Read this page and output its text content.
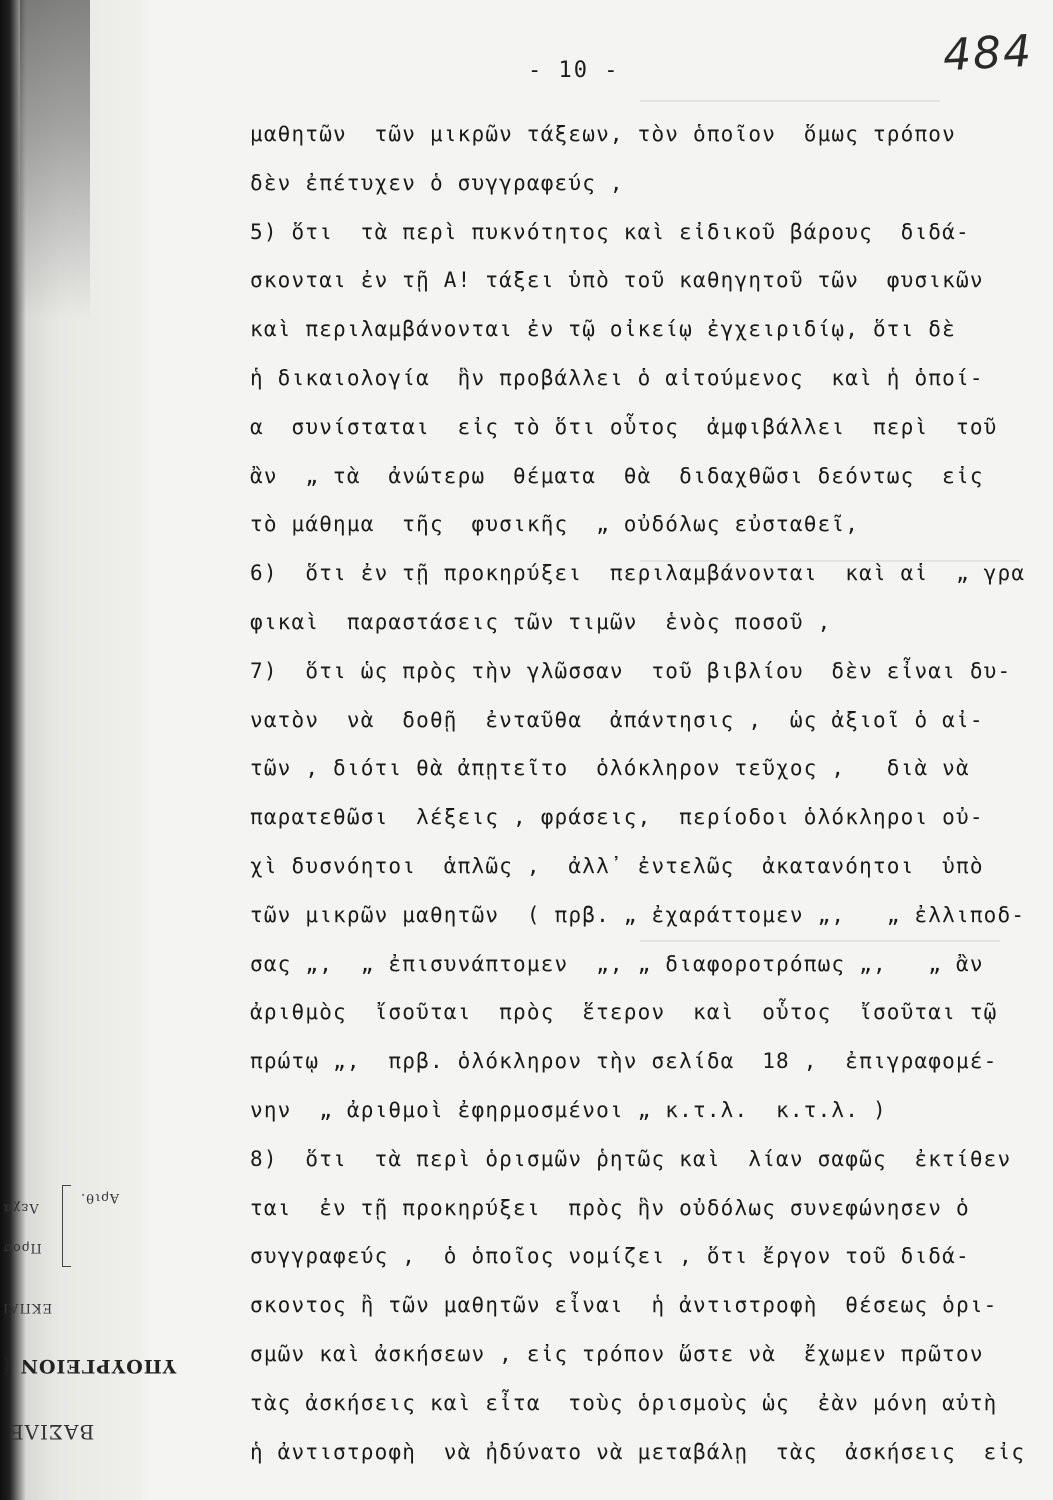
ΒΑΣΙΛΕ
ΥΠΟΥΡΓΕΙΟΝ (
ΕΚΠΑΙ
Προσ
Λεχα
Αριθ.
- 10 -	484
μαθητῶν  τῶν μικρῶν τάξεων, τὸν ὁποῖον  ὅμως τρόπον
δὲν ἐπέτυχεν ὁ συγγραφεύς ,
5) ὅτι  τὰ περὶ πυκνότητος καὶ εἰδικοῦ βάρους  διδά-
σκονται ἐν τῇ Α! τάξει ὑπὸ τοῦ καθηγητοῦ τῶν  φυσικῶν
καὶ περιλαμβάνονται ἐν τῷ οἰκείῳ ἐγχειριδίῳ, ὅτι δὲ
ἡ δικαιολογία  ἣν προβάλλει ὁ αἰτούμενος  καὶ ἡ ὁποί-
α  συνίσταται  εἰς τὸ ὅτι οὗτος  ἀμφιβάλλει  περὶ  τοῦ
ἂν  „ τὰ  ἀνώτερω  θέματα  θὰ  διδαχθῶσι δεόντως  εἰς
τὸ μάθημα  τῆς  φυσικῆς  „ οὐδόλως εὐσταθεῖ,
6)  ὅτι ἐν τῇ προκηρύξει  περιλαμβάνονται  καὶ αἱ  „ γρα
φικαὶ  παραστάσεις τῶν τιμῶν  ἑνὸς ποσοῦ ,
7)  ὅτι ὡς πρὸς τὴν γλῶσσαν  τοῦ βιβλίου  δὲν εἶναι δυ-
νατὸν  νὰ  δοθῇ  ἐνταῦθα  ἀπάντησις ,  ὡς ἀξιοῖ ὁ αἰ-
τῶν , διότι θὰ ἀπῃτεῖτο  ὁλόκληρον τεῦχος ,   διὰ νὰ
παρατεθῶσι  λέξεις , φράσεις,  περίοδοι ὁλόκληροι οὐ-
χὶ δυσνόητοι  ἁπλῶς ,  ἀλλ᾽ ἐντελῶς  ἀκατανόητοι  ὑπὸ
τῶν μικρῶν μαθητῶν  ( πρβ. „ ἐχαράττομεν „,   „ ἐλλιποδ-
σας „,  „ ἐπισυνάπτομεν  „, „ διαφοροτρόπως „,   „ ἂν
ἀριθμὸς  ἴσοῦται  πρὸς  ἕτερον  καὶ  οὗτος  ἴσοῦται τῷ
πρώτῳ „,  πρβ. ὁλόκληρον τὴν σελίδα  18 ,  ἐπιγραφομέ-
νην  „ ἀριθμοὶ ἐφηρμοσμένοι „ κ.τ.λ.  κ.τ.λ. )
8)  ὅτι  τὰ περὶ ὁρισμῶν ῥητῶς καὶ  λίαν σαφῶς  ἐκτίθεν
ται  ἐν τῇ προκηρύξει  πρὸς ἣν οὐδόλως συνεφώνησεν ὁ
συγγραφεύς ,  ὁ ὁποῖος νομίζει , ὅτι ἔργον τοῦ διδά-
σκοντος ἢ τῶν μαθητῶν εἶναι  ἡ ἀντιστροφὴ  θέσεως ὁρι-
σμῶν καὶ ἀσκήσεων , εἰς τρόπον ὥστε νὰ  ἔχωμεν πρῶτον
τὰς ἀσκήσεις καὶ εἶτα  τοὺς ὁρισμοὺς ὡς  ἐὰν μόνη αὐτὴ
ἡ ἀντιστροφὴ  νὰ ἠδύνατο νὰ μεταβάλῃ  τὰς  ἀσκήσεις  εἰς
